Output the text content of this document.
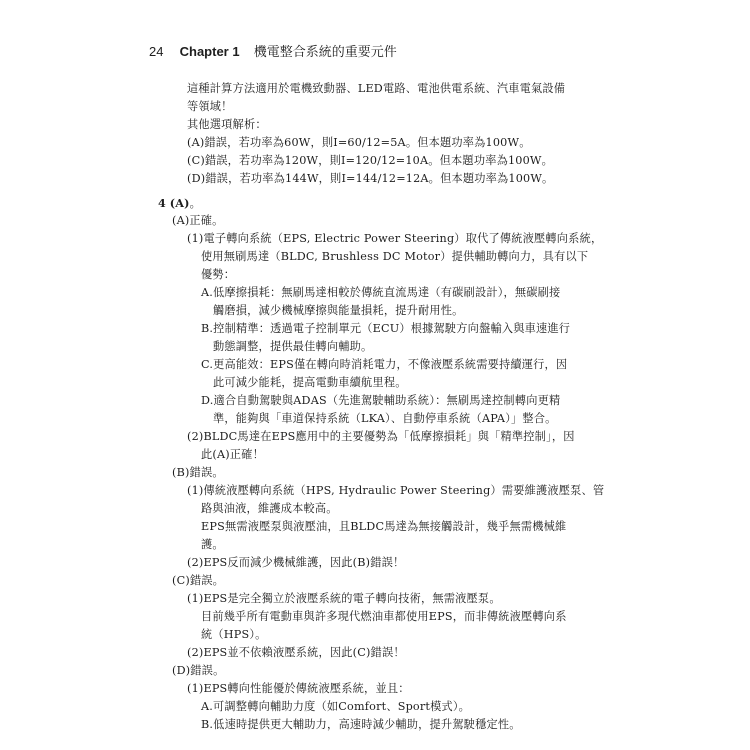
24 Chapter 1 機電整合系統的重要元件
這種計算方法適用於電機致動器、LED電路、電池供電系統、汽車電氣設備
等領域！
其他選項解析：
(A)錯誤，若功率為60W，則I=60/12=5A。但本題功率為100W。
(C)錯誤，若功率為120W，則I=120/12=10A。但本題功率為100W。
(D)錯誤，若功率為144W，則I=144/12=12A。但本題功率為100W。
4 (A)。
(A)正確。
(1)電子轉向系統（EPS, Electric Power Steering）取代了傳統液壓轉向系統，
使用無刷馬達（BLDC, Brushless DC Motor）提供輔助轉向力，具有以下
優勢：
A.低摩擦損耗：無刷馬達相較於傳統直流馬達（有碳刷設計），無碳刷接
觸磨損，減少機械摩擦與能量損耗，提升耐用性。
B.控制精準：透過電子控制單元（ECU）根據駕駛方向盤輸入與車速進行
動態調整，提供最佳轉向輔助。
C.更高能效：EPS僅在轉向時消耗電力，不像液壓系統需要持續運行，因
此可減少能耗，提高電動車續航里程。
D.適合自動駕駛與ADAS（先進駕駛輔助系統）：無刷馬達控制轉向更精
準，能夠與「車道保持系統（LKA）、自動停車系統（APA）」整合。
(2)BLDC馬達在EPS應用中的主要優勢為「低摩擦損耗」與「精準控制」，因
此(A)正確！
(B)錯誤。
(1)傳統液壓轉向系統（HPS, Hydraulic Power Steering）需要維護液壓泵、管
路與油液，維護成本較高。
EPS無需液壓泵與液壓油，且BLDC馬達為無接觸設計，幾乎無需機械維
護。
(2)EPS反而減少機械維護，因此(B)錯誤！
(C)錯誤。
(1)EPS是完全獨立於液壓系統的電子轉向技術，無需液壓泵。
目前幾乎所有電動車與許多現代燃油車都使用EPS，而非傳統液壓轉向系
統（HPS）。
(2)EPS並不依賴液壓系統，因此(C)錯誤！
(D)錯誤。
(1)EPS轉向性能優於傳統液壓系統，並且：
A.可調整轉向輔助力度（如Comfort、Sport模式）。
B.低速時提供更大輔助力，高速時減少輔助，提升駕駛穩定性。
